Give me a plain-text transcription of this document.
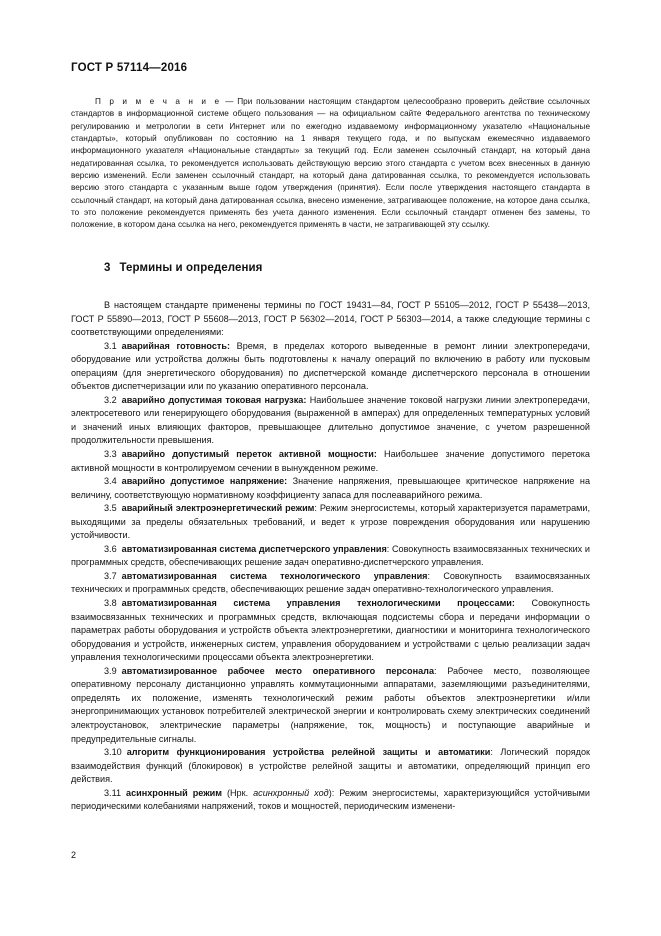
ГОСТ Р 57114—2016

П р и м е ч а н и е — При пользовании настоящим стандартом целесообразно проверить действие ссылочных стандартов в информационной системе общего пользования — на официальном сайте Федерального агентства по техническому регулированию и метрологии в сети Интернет или по ежегодно издаваемому информационному указателю «Национальные стандарты», который опубликован по состоянию на 1 января текущего года, и по выпускам ежемесячно издаваемого информационного указателя «Национальные стандарты» за текущий год. Если заменен ссылочный стандарт, на который дана недатированная ссылка, то рекомендуется использовать действующую версию этого стандарта с учетом всех внесенных в данную версию изменений. Если заменен ссылочный стандарт, на который дана датированная ссылка, то рекомендуется использовать версию этого стандарта с указанным выше годом утверждения (принятия). Если после утверждения настоящего стандарта в ссылочный стандарт, на который дана датированная ссылка, внесено изменение, затрагивающее положение, на которое дана ссылка, то это положение рекомендуется применять без учета данного изменения. Если ссылочный стандарт отменен без замены, то положение, в котором дана ссылка на него, рекомендуется применять в части, не затрагивающей эту ссылку.

3 Термины и определения

В настоящем стандарте применены термины по ГОСТ 19431—84, ГОСТ Р 55105—2012, ГОСТ Р 55438—2013, ГОСТ Р 55890—2013, ГОСТ Р 55608—2013, ГОСТ Р 56302—2014, ГОСТ Р 56303—2014, а также следующие термины с соответствующими определениями:

3.1 аварийная готовность: Время, в пределах которого выведенные в ремонт линии электропередачи, оборудование или устройства должны быть подготовлены к началу операций по включению в работу или пусковым операциям (для энергетического оборудования) по диспетчерской команде диспетчерского персонала в отношении объектов диспетчеризации или по указанию оперативного персонала.

3.2 аварийно допустимая токовая нагрузка: Наибольшее значение токовой нагрузки линии электропередачи, электросетевого или генерирующего оборудования (выраженной в амперах) для определенных температурных условий и значений иных влияющих факторов, превышающее длительно допустимое значение, с учетом разрешенной продолжительности превышения.

3.3 аварийно допустимый переток активной мощности: Наибольшее значение допустимого перетока активной мощности в контролируемом сечении в вынужденном режиме.

3.4 аварийно допустимое напряжение: Значение напряжения, превышающее критическое напряжение на величину, соответствующую нормативному коэффициенту запаса для послеаварийного режима.

3.5 аварийный электроэнергетический режим: Режим энергосистемы, который характеризуется параметрами, выходящими за пределы обязательных требований, и ведет к угрозе повреждения оборудования или нарушению устойчивости.

3.6 автоматизированная система диспетчерского управления: Совокупность взаимосвязанных технических и программных средств, обеспечивающих решение задач оперативно-диспетчерского управления.

3.7 автоматизированная система технологического управления: Совокупность взаимосвязанных технических и программных средств, обеспечивающих решение задач оперативно-технологического управления.

3.8 автоматизированная система управления технологическими процессами: Совокупность взаимосвязанных технических и программных средств, включающая подсистемы сбора и передачи информации о параметрах работы оборудования и устройств объекта электроэнергетики, диагностики и мониторинга технологического оборудования и устройств, инженерных систем, управления оборудованием и устройствами с целью реализации задач управления технологическими процессами объекта электроэнергетики.

3.9 автоматизированное рабочее место оперативного персонала: Рабочее место, позволяющее оперативному персоналу дистанционно управлять коммутационными аппаратами, заземляющими разъединителями, определять их положение, изменять технологический режим работы объектов электроэнергетики и/или энергопринимающих установок потребителей электрической энергии и контролировать схему электрических соединений электроустановок, электрические параметры (напряжение, ток, мощность) и поступающие аварийные и предупредительные сигналы.

3.10 алгоритм функционирования устройства релейной защиты и автоматики: Логический порядок взаимодействия функций (блокировок) в устройстве релейной защиты и автоматики, определяющий принцип его действия.

3.11 асинхронный режим (Нрк. асинхронный ход): Режим энергосистемы, характеризующийся устойчивыми периодическими колебаниями напряжений, токов и мощностей, периодическим изменени-

2
